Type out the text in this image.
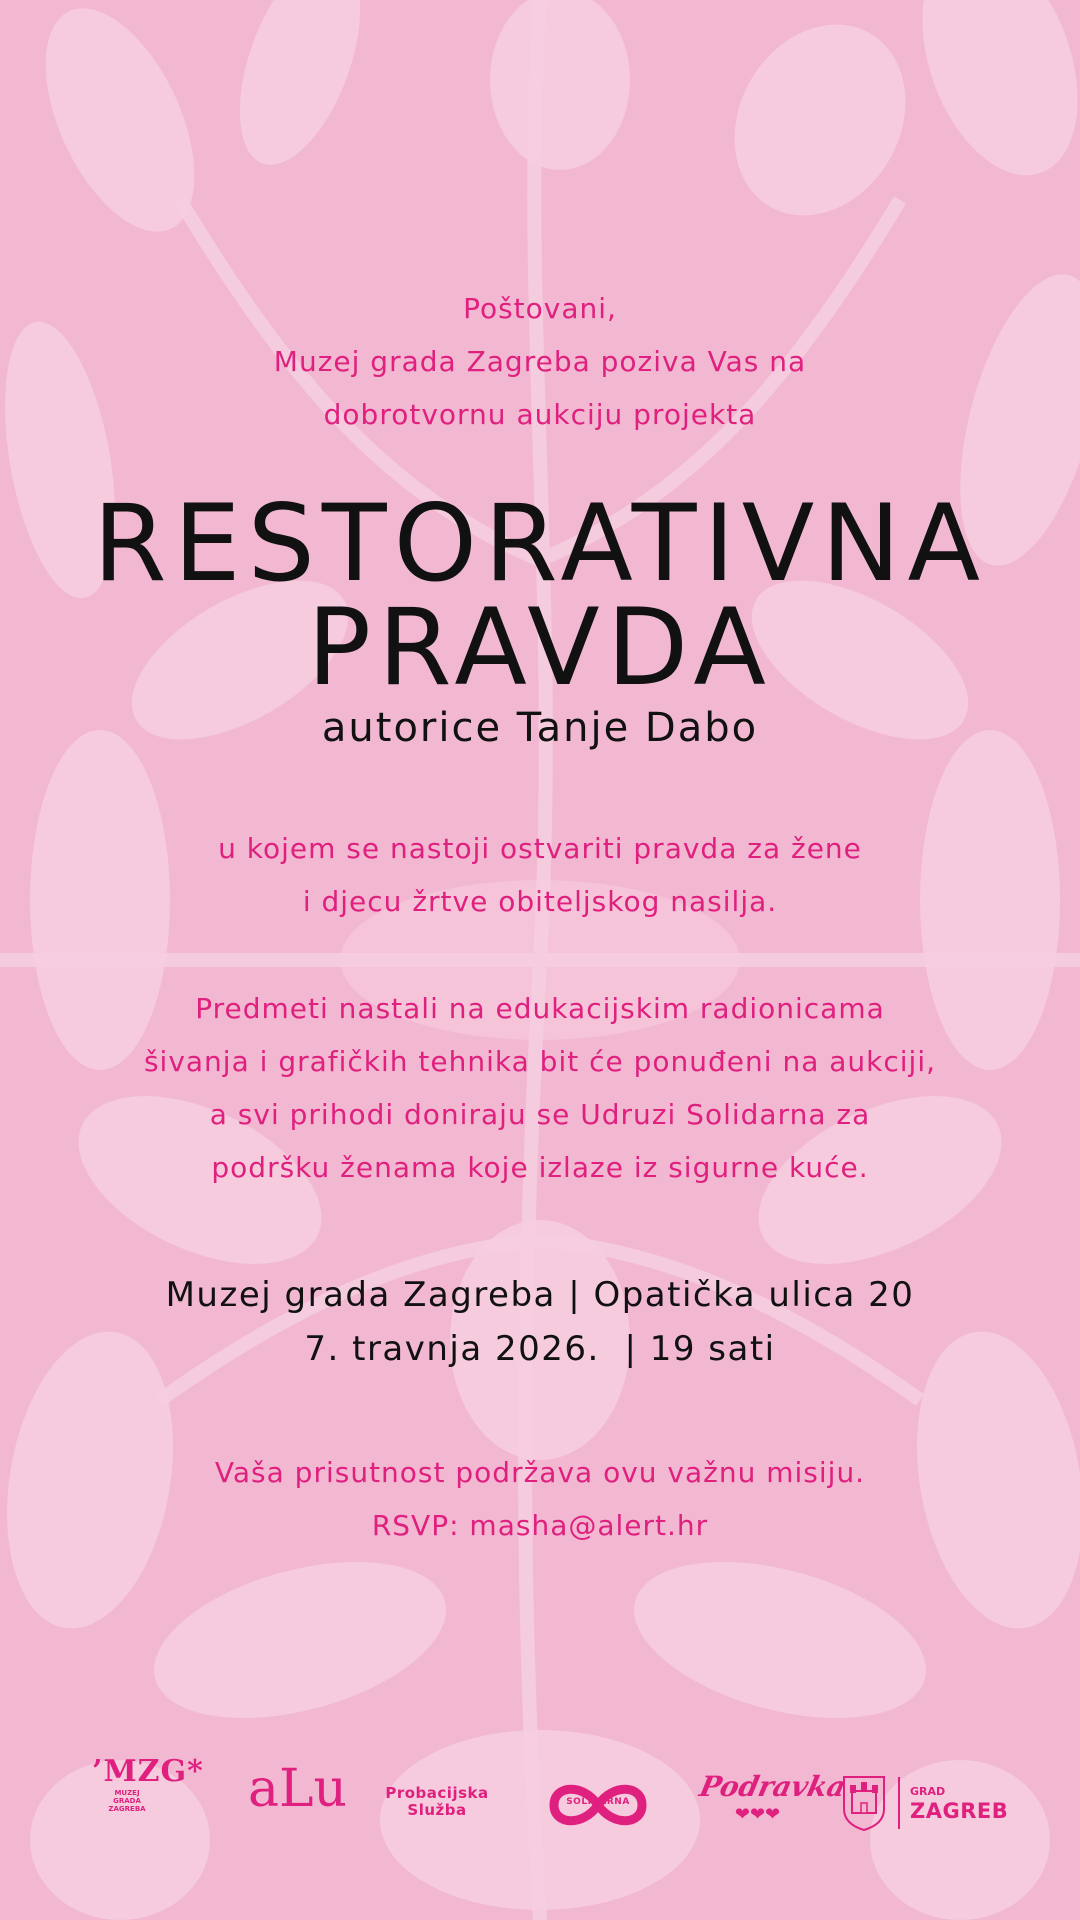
Poštovani,
Muzej grada Zagreba poziva Vas na
dobrotvornu aukciju projekta
RESTORATIVNA
PRAVDA
autorice Tanje Dabo
u kojem se nastoji ostvariti pravda za žene
i djecu žrtve obiteljskog nasilja.
Predmeti nastali na edukacijskim radionicama
šivanja i grafičkih tehnika bit će ponuđeni na aukciji,
a svi prihodi doniraju se Udruzi Solidarna za
podršku ženama koje izlaze iz sigurne kuće.
Muzej grada Zagreba | Opatička ulica 20
7. travnja 2026.  | 19 sati
Vaša prisutnost podržava ovu važnu misiju.
RSVP: masha@alert.hr
’MZG*
MUZEJ
GRADA
ZAGREBA	aLu	Probacijska
Služba	SOLIDARNA	Podravka
❤❤❤
GRAD
ZAGREB
